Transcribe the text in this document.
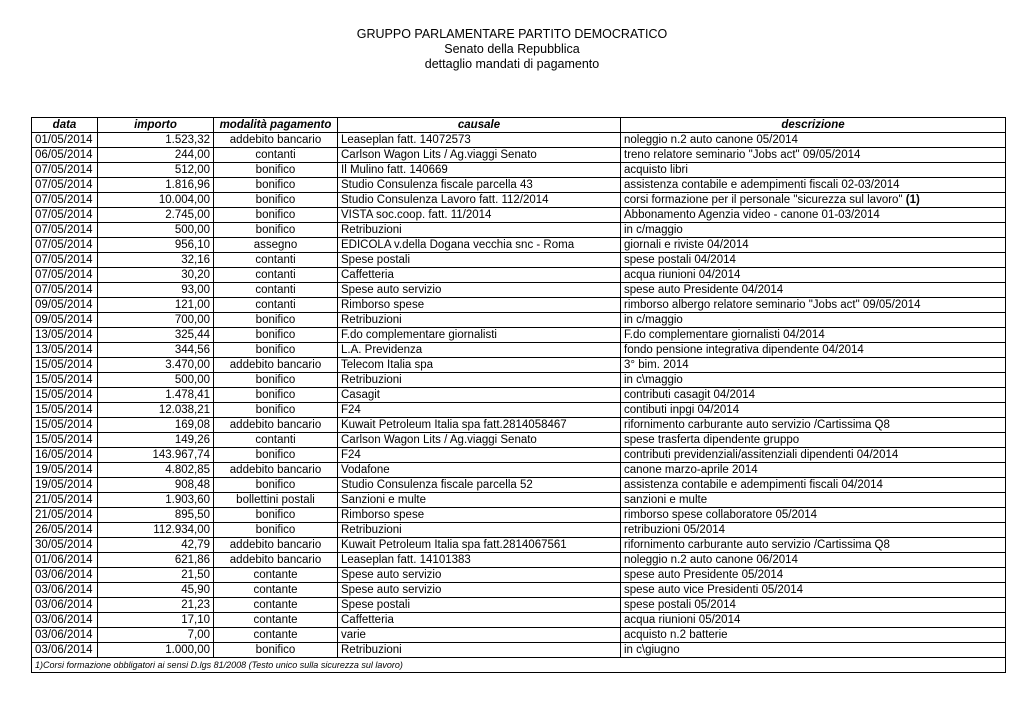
GRUPPO PARLAMENTARE PARTITO DEMOCRATICO
Senato della Repubblica
dettaglio mandati di pagamento
data	importo	modalità pagamento	causale	descrizione
01/05/2014	1.523,32	addebito bancario	Leaseplan fatt. 14072573	noleggio n.2 auto canone 05/2014
06/05/2014	244,00	contanti	Carlson Wagon Lits / Ag.viaggi Senato	treno relatore seminario "Jobs act" 09/05/2014
07/05/2014	512,00	bonifico	Il Mulino fatt. 140669	acquisto libri
07/05/2014	1.816,96	bonifico	Studio Consulenza fiscale parcella 43	assistenza contabile e adempimenti fiscali 02-03/2014
07/05/2014	10.004,00	bonifico	Studio Consulenza Lavoro fatt. 112/2014	corsi formazione per il personale "sicurezza sul lavoro" (1)
07/05/2014	2.745,00	bonifico	VISTA soc.coop. fatt. 11/2014	Abbonamento Agenzia video - canone 01-03/2014
07/05/2014	500,00	bonifico	Retribuzioni	in c/maggio
07/05/2014	956,10	assegno	EDICOLA v.della Dogana vecchia snc - Roma	giornali e riviste 04/2014
07/05/2014	32,16	contanti	Spese postali	spese postali 04/2014
07/05/2014	30,20	contanti	Caffetteria	acqua riunioni 04/2014
07/05/2014	93,00	contanti	Spese auto servizio	spese auto Presidente 04/2014
09/05/2014	121,00	contanti	Rimborso spese	rimborso albergo relatore seminario "Jobs act" 09/05/2014
09/05/2014	700,00	bonifico	Retribuzioni	in c/maggio
13/05/2014	325,44	bonifico	F.do complementare giornalisti	F.do complementare giornalisti 04/2014
13/05/2014	344,56	bonifico	L.A. Previdenza	fondo pensione integrativa dipendente 04/2014
15/05/2014	3.470,00	addebito bancario	Telecom Italia spa	3° bim. 2014
15/05/2014	500,00	bonifico	Retribuzioni	in c\maggio
15/05/2014	1.478,41	bonifico	Casagit	contributi casagit 04/2014
15/05/2014	12.038,21	bonifico	F24	contibuti inpgi 04/2014
15/05/2014	169,08	addebito bancario	Kuwait Petroleum Italia spa fatt.2814058467	rifornimento carburante auto servizio /Cartissima Q8
15/05/2014	149,26	contanti	Carlson Wagon Lits / Ag.viaggi Senato	spese trasferta dipendente gruppo
16/05/2014	143.967,74	bonifico	F24	contributi previdenziali/assitenziali dipendenti 04/2014
19/05/2014	4.802,85	addebito bancario	Vodafone	canone marzo-aprile 2014
19/05/2014	908,48	bonifico	Studio Consulenza fiscale parcella 52	assistenza contabile e adempimenti fiscali 04/2014
21/05/2014	1.903,60	bollettini postali	Sanzioni e multe	sanzioni e multe
21/05/2014	895,50	bonifico	Rimborso spese	rimborso spese collaboratore 05/2014
26/05/2014	112.934,00	bonifico	Retribuzioni	retribuzioni 05/2014
30/05/2014	42,79	addebito bancario	Kuwait Petroleum Italia spa fatt.2814067561	rifornimento carburante auto servizio /Cartissima Q8
01/06/2014	621,86	addebito bancario	Leaseplan fatt. 14101383	noleggio n.2 auto canone 06/2014
03/06/2014	21,50	contante	Spese auto servizio	spese auto Presidente 05/2014
03/06/2014	45,90	contante	Spese auto servizio	spese auto vice Presidenti 05/2014
03/06/2014	21,23	contante	Spese postali	spese postali 05/2014
03/06/2014	17,10	contante	Caffetteria	acqua riunioni 05/2014
03/06/2014	7,00	contante	varie	acquisto n.2 batterie
03/06/2014	1.000,00	bonifico	Retribuzioni	in c\giugno
1)Corsi formazione obbligatori ai sensi D.lgs 81/2008 (Testo unico sulla sicurezza sul lavoro)				
